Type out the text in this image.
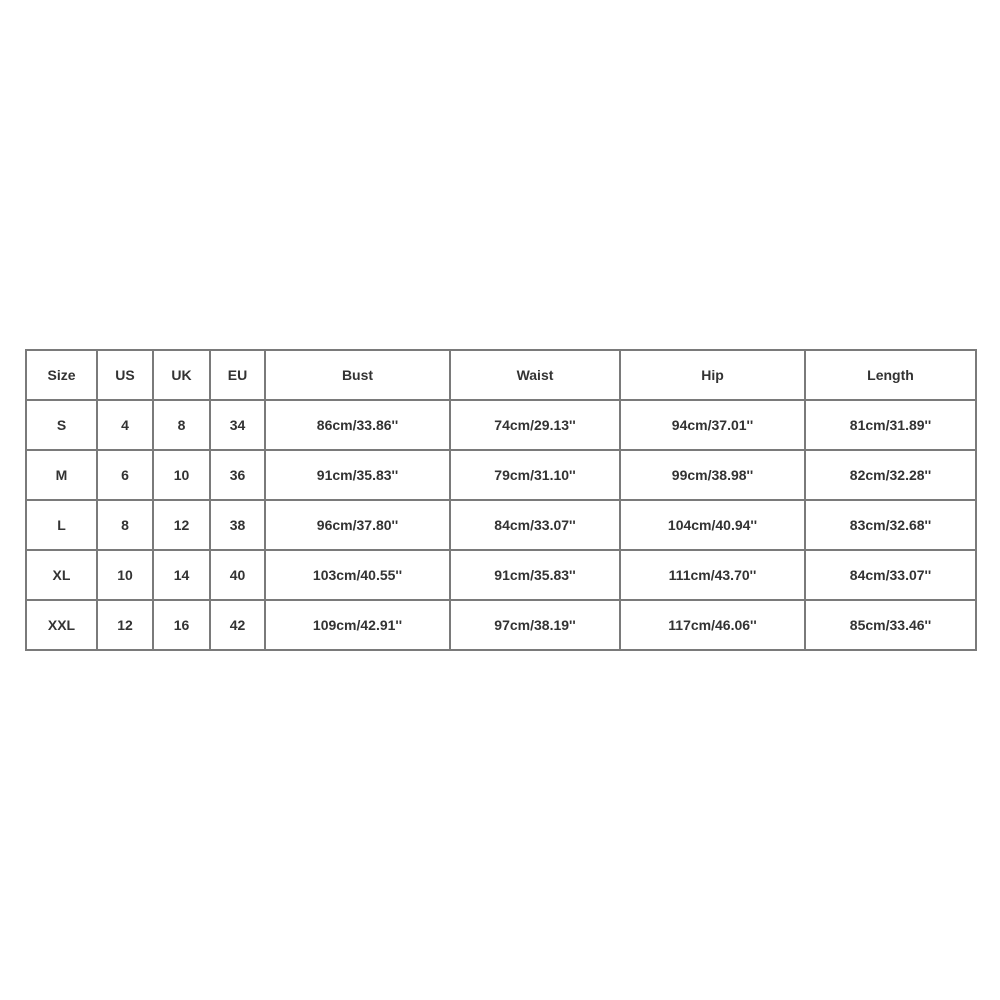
Size	US	UK	EU	Bust	Waist	Hip	Length
S	4	8	34	86cm/33.86''	74cm/29.13''	94cm/37.01''	81cm/31.89''
M	6	10	36	91cm/35.83''	79cm/31.10''	99cm/38.98''	82cm/32.28''
L	8	12	38	96cm/37.80''	84cm/33.07''	104cm/40.94''	83cm/32.68''
XL	10	14	40	103cm/40.55''	91cm/35.83''	111cm/43.70''	84cm/33.07''
XXL	12	16	42	109cm/42.91''	97cm/38.19''	117cm/46.06''	85cm/33.46''
